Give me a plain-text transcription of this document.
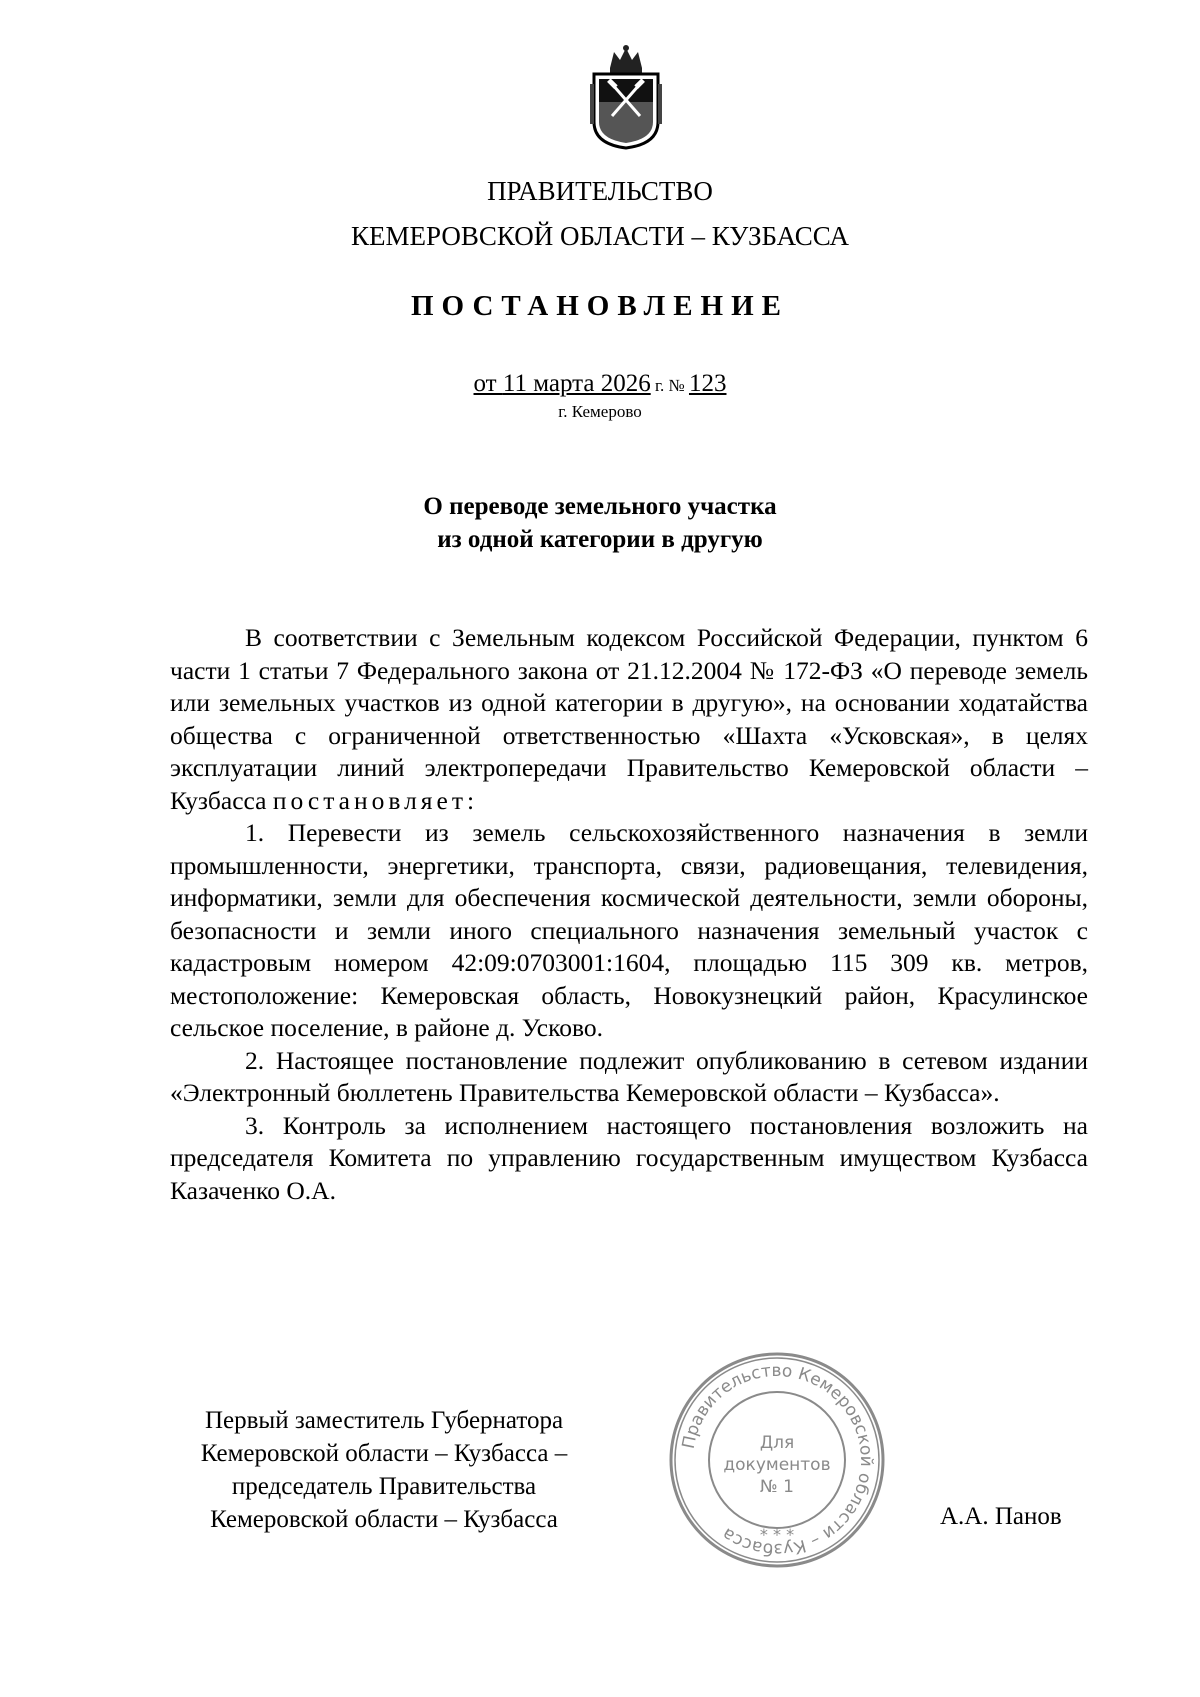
ПРАВИТЕЛЬСТВО
КЕМЕРОВСКОЙ ОБЛАСТИ – КУЗБАССА
ПОСТАНОВЛЕНИЕ
от 11 марта 2026 г. № 123
г. Кемерово
О переводе земельного участка
из одной категории в другую

В соответствии с Земельным кодексом Российской Федерации, пунктом 6 части 1 статьи 7 Федерального закона от 21.12.2004 № 172-ФЗ «О переводе земель или земельных участков из одной категории в другую», на основании ходатайства общества с ограниченной ответственностью «Шахта «Усковская», в целях эксплуатации линий электропередачи Правительство Кемеровской области – Кузбасса постановляет:

1. Перевести из земель сельскохозяйственного назначения в земли промышленности, энергетики, транспорта, связи, радиовещания, телевидения, информатики, земли для обеспечения космической деятельности, земли обороны, безопасности и земли иного специального назначения земельный участок с кадастровым номером 42:09:0703001:1604, площадью 115 309 кв. метров, местоположение: Кемеровская область, Новокузнецкий район, Красулинское сельское поселение, в районе д. Усково.

2. Настоящее постановление подлежит опубликованию в сетевом издании «Электронный бюллетень Правительства Кемеровской области – Кузбасса».

3. Контроль за исполнением настоящего постановления возложить на председателя Комитета по управлению государственным имуществом Кузбасса Казаченко О.А.

Первый заместитель Губернатора
Кемеровской области – Кузбасса –
председатель Правительства
Кемеровской области – Кузбасса
Правительство Кемеровской области – Кузбасса	* * *
Для
документов
№ 1
А.А. Панов
